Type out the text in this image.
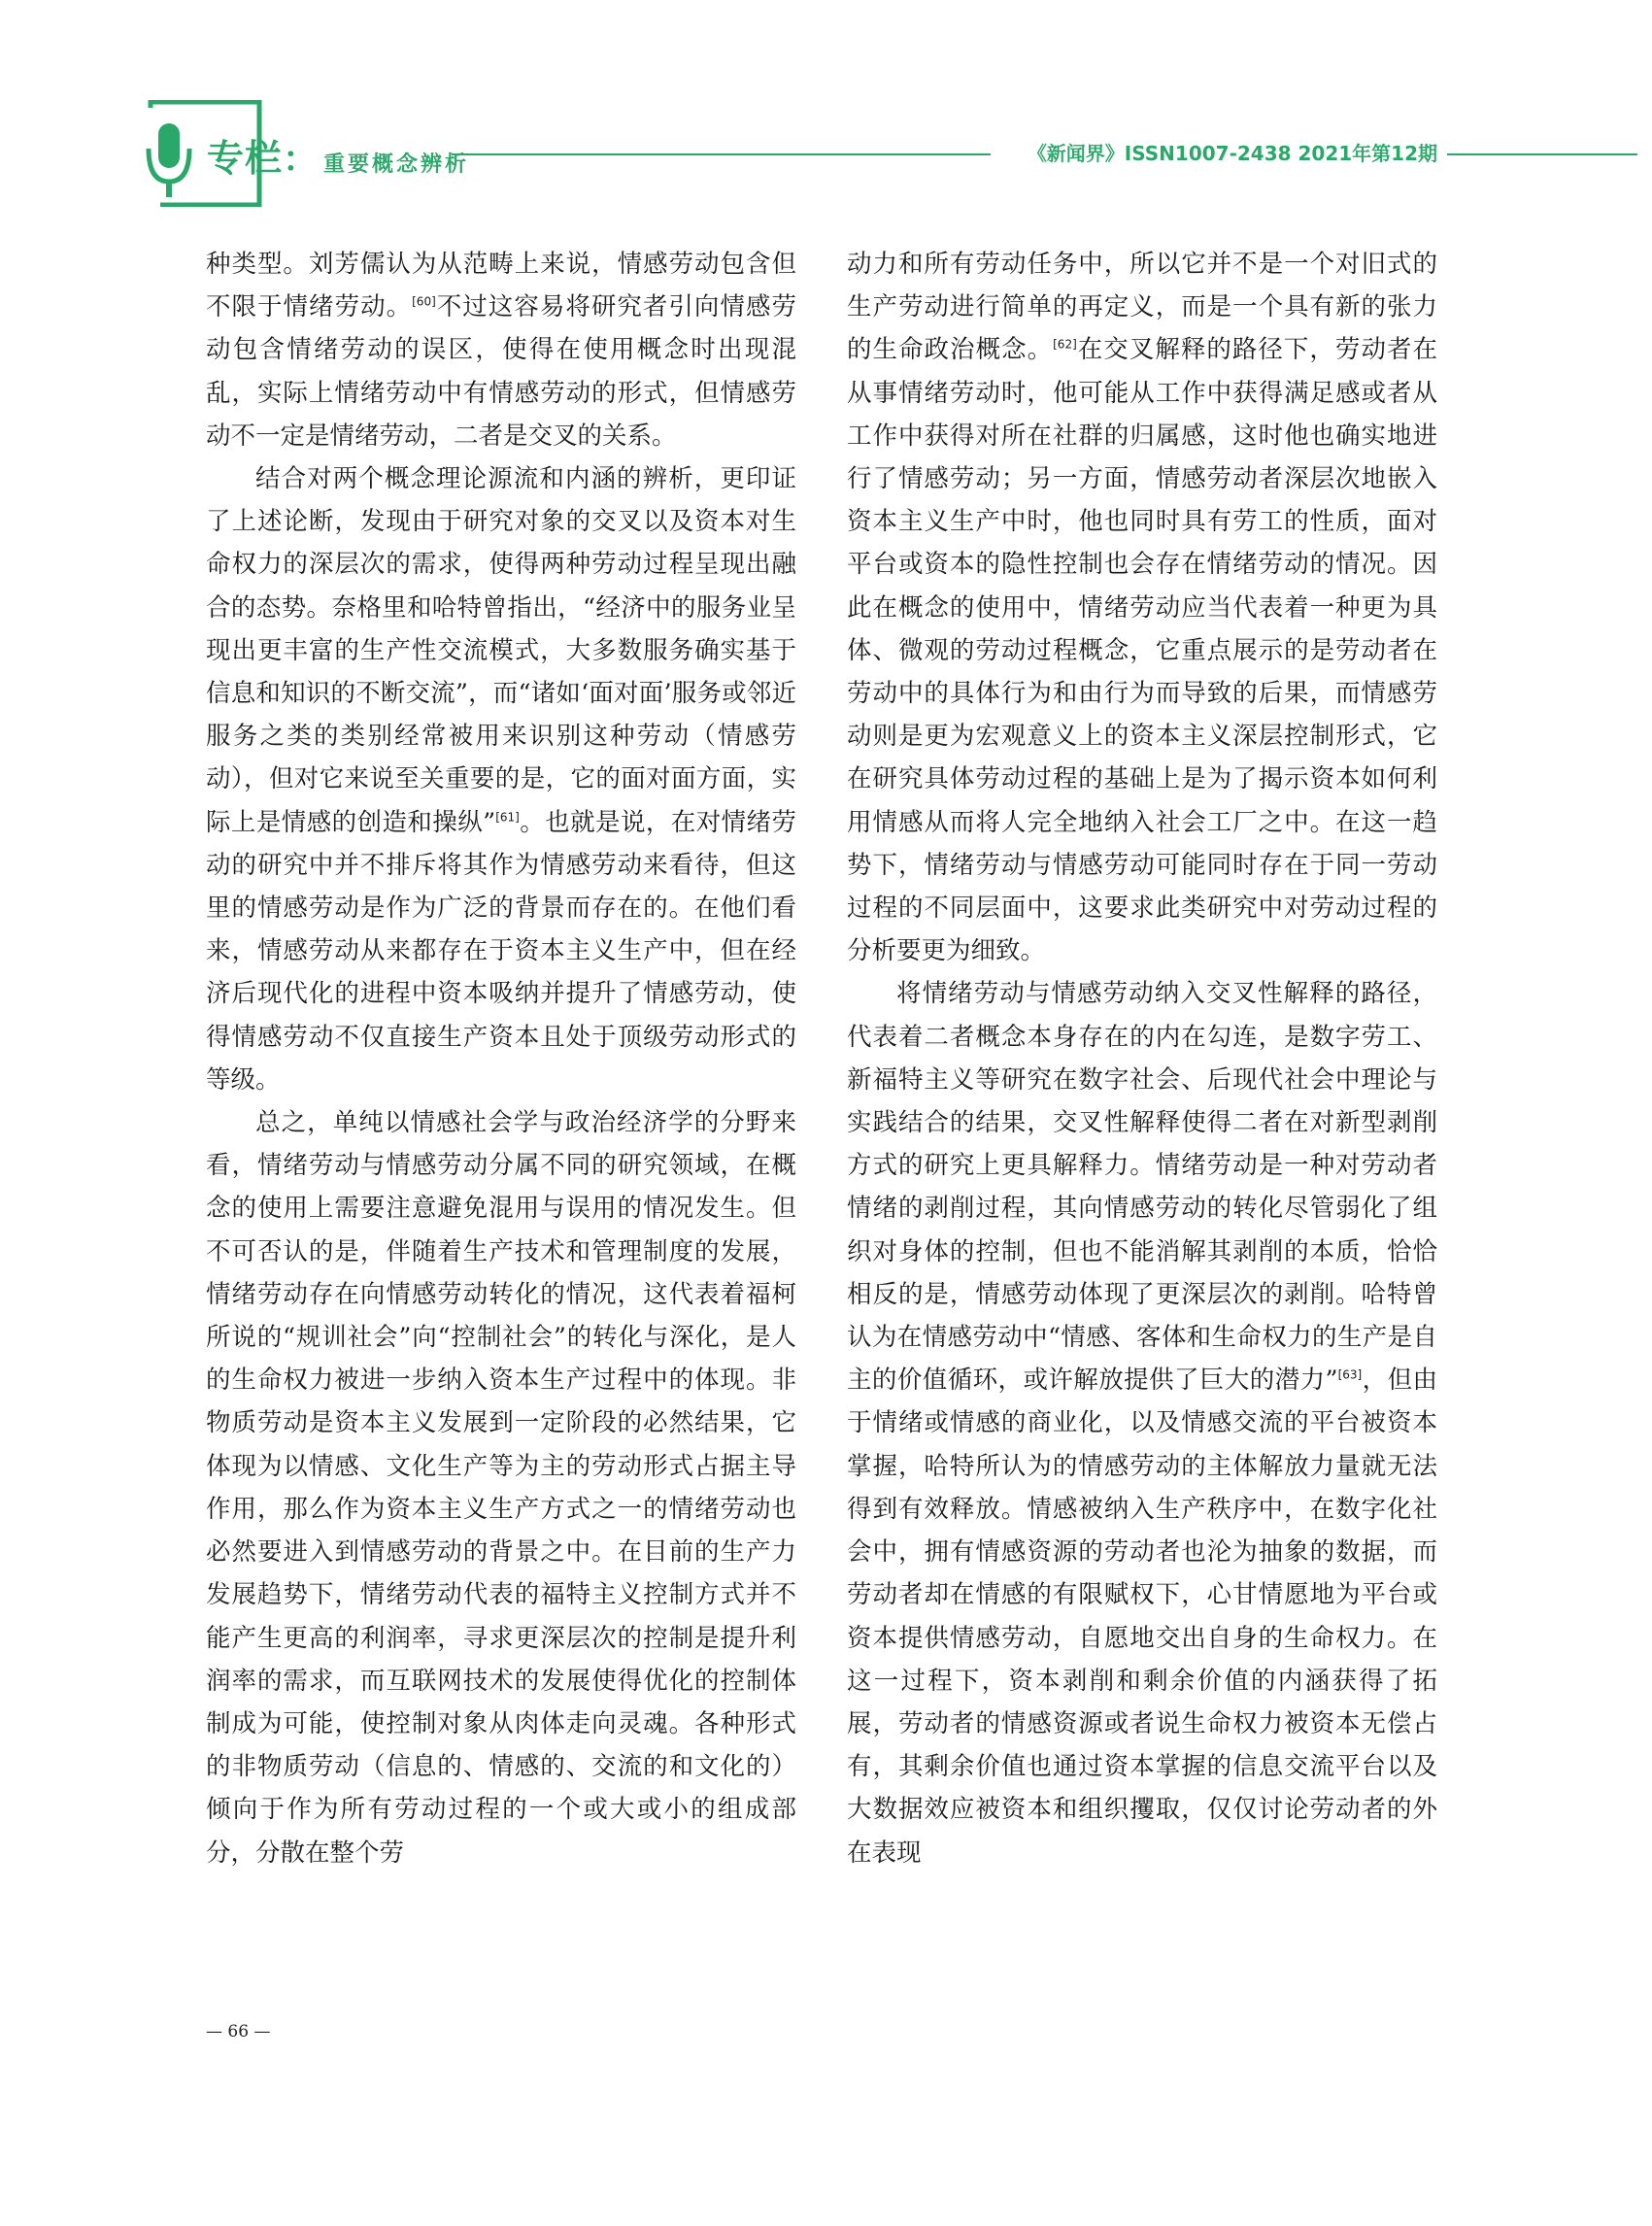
专栏： 重要概念辨析	《新闻界》ISSN1007-2438 2021年第12期

种类型。刘芳儒认为从范畴上来说，情感劳动包含但不限于情绪劳动。[60]不过这容易将研究者引向情感劳动包含情绪劳动的误区，使得在使用概念时出现混乱，实际上情绪劳动中有情感劳动的形式，但情感劳动不一定是情绪劳动，二者是交叉的关系。

结合对两个概念理论源流和内涵的辨析，更印证了上述论断，发现由于研究对象的交叉以及资本对生命权力的深层次的需求，使得两种劳动过程呈现出融合的态势。奈格里和哈特曾指出，“经济中的服务业呈现出更丰富的生产性交流模式，大多数服务确实基于信息和知识的不断交流”，而“诸如‘面对面’服务或邻近服务之类的类别经常被用来识别这种劳动（情感劳动），但对它来说至关重要的是，它的面对面方面，实际上是情感的创造和操纵”[61]。也就是说，在对情绪劳动的研究中并不排斥将其作为情感劳动来看待，但这里的情感劳动是作为广泛的背景而存在的。在他们看来，情感劳动从来都存在于资本主义生产中，但在经济后现代化的进程中资本吸纳并提升了情感劳动，使得情感劳动不仅直接生产资本且处于顶级劳动形式的等级。

总之，单纯以情感社会学与政治经济学的分野来看，情绪劳动与情感劳动分属不同的研究领域，在概念的使用上需要注意避免混用与误用的情况发生。但不可否认的是，伴随着生产技术和管理制度的发展，情绪劳动存在向情感劳动转化的情况，这代表着福柯所说的“规训社会”向“控制社会”的转化与深化，是人的生命权力被进一步纳入资本生产过程中的体现。非物质劳动是资本主义发展到一定阶段的必然结果，它体现为以情感、文化生产等为主的劳动形式占据主导作用，那么作为资本主义生产方式之一的情绪劳动也必然要进入到情感劳动的背景之中。在目前的生产力发展趋势下，情绪劳动代表的福特主义控制方式并不能产生更高的利润率，寻求更深层次的控制是提升利润率的需求，而互联网技术的发展使得优化的控制体制成为可能，使控制对象从肉体走向灵魂。各种形式的非物质劳动（信息的、情感的、交流的和文化的）倾向于作为所有劳动过程的一个或大或小的组成部分，分散在整个劳

动力和所有劳动任务中，所以它并不是一个对旧式的生产劳动进行简单的再定义，而是一个具有新的张力的生命政治概念。[62]在交叉解释的路径下，劳动者在从事情绪劳动时，他可能从工作中获得满足感或者从工作中获得对所在社群的归属感，这时他也确实地进行了情感劳动；另一方面，情感劳动者深层次地嵌入资本主义生产中时，他也同时具有劳工的性质，面对平台或资本的隐性控制也会存在情绪劳动的情况。因此在概念的使用中，情绪劳动应当代表着一种更为具体、微观的劳动过程概念，它重点展示的是劳动者在劳动中的具体行为和由行为而导致的后果，而情感劳动则是更为宏观意义上的资本主义深层控制形式，它在研究具体劳动过程的基础上是为了揭示资本如何利用情感从而将人完全地纳入社会工厂之中。在这一趋势下，情绪劳动与情感劳动可能同时存在于同一劳动过程的不同层面中，这要求此类研究中对劳动过程的分析要更为细致。

将情绪劳动与情感劳动纳入交叉性解释的路径，代表着二者概念本身存在的内在勾连，是数字劳工、新福特主义等研究在数字社会、后现代社会中理论与实践结合的结果，交叉性解释使得二者在对新型剥削方式的研究上更具解释力。情绪劳动是一种对劳动者情绪的剥削过程，其向情感劳动的转化尽管弱化了组织对身体的控制，但也不能消解其剥削的本质，恰恰相反的是，情感劳动体现了更深层次的剥削。哈特曾认为在情感劳动中“情感、客体和生命权力的生产是自主的价值循环，或许解放提供了巨大的潜力”[63]，但由于情绪或情感的商业化，以及情感交流的平台被资本掌握，哈特所认为的情感劳动的主体解放力量就无法得到有效释放。情感被纳入生产秩序中，在数字化社会中，拥有情感资源的劳动者也沦为抽象的数据，而劳动者却在情感的有限赋权下，心甘情愿地为平台或资本提供情感劳动，自愿地交出自身的生命权力。在这一过程下，资本剥削和剩余价值的内涵获得了拓展，劳动者的情感资源或者说生命权力被资本无偿占有，其剩余价值也通过资本掌握的信息交流平台以及大数据效应被资本和组织攫取，仅仅讨论劳动者的外在表现

— 66 —
